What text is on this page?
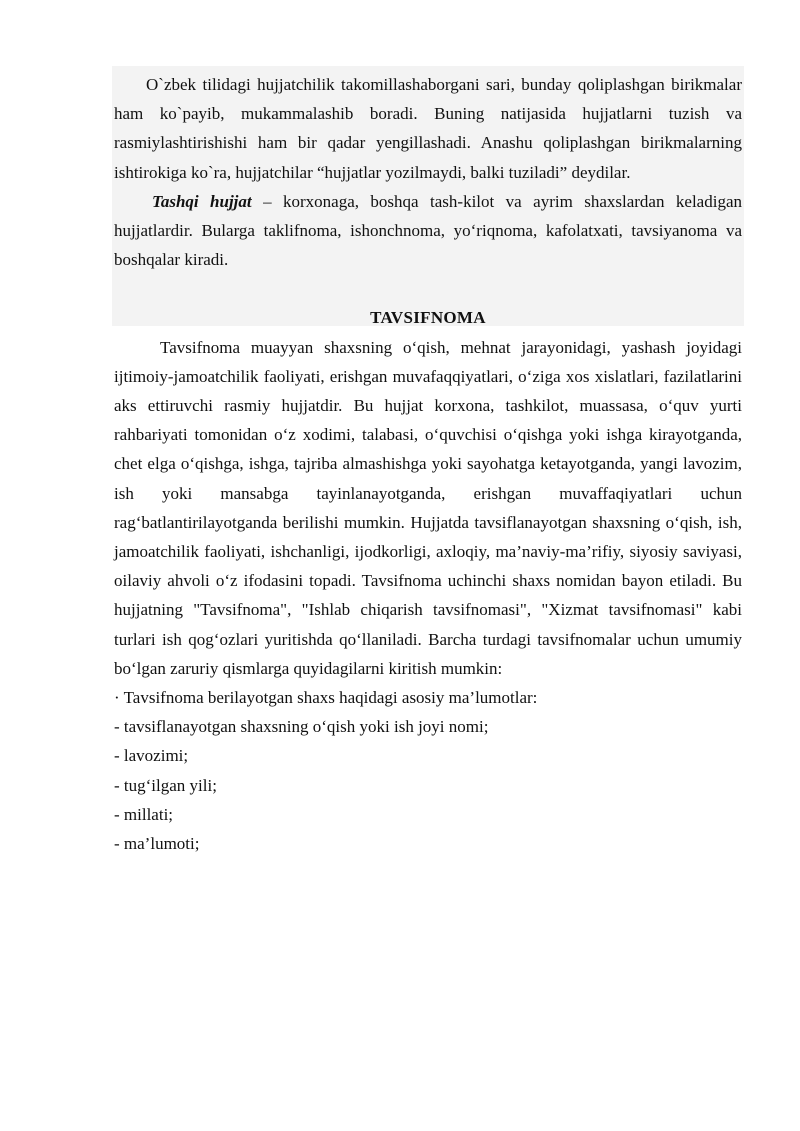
O`zbek tilidagi hujjatchilik takomillashaborgani sari, bunday qoliplashgan birikmalar ham ko`payib, mukammalashib boradi. Buning natijasida hujjatlarni tuzish va rasmiylashtirishishi ham bir qadar yengillashadi. Anashu qoliplashgan birikmalarning ishtirokiga ko`ra, hujjatchilar “hujjatlar yozilmaydi, balki tuziladi” deydilar.

Tashqi hujjat – korxonaga, boshqa tash-kilot va ayrim shaxslardan keladigan hujjatlardir. Bularga taklifnoma, ishonchnoma, yo‘riqnoma, kafolatxati, tavsiyanoma va boshqalar kiradi.

TAVSIFNOMA

Tavsifnoma muayyan shaxsning o‘qish, mehnat jarayonidagi, yashash joyidagi ijtimoiy-jamoatchilik faoliyati, erishgan muvafaqqiyatlari, o‘ziga xos xislatlari, fazilatlarini aks ettiruvchi rasmiy hujjatdir. Bu hujjat korxona, tashkilot, muassasa, o‘quv yurti rahbariyati tomonidan o‘z xodimi, talabasi, o‘quvchisi o‘qishga yoki ishga kirayotganda, chet elga o‘qishga, ishga, tajriba almashishga yoki sayohatga ketayotganda, yangi lavozim, ish yoki mansabga tayinlanayotganda, erishgan muvaffaqiyatlari uchun rag‘batlantirilayotganda berilishi mumkin. Hujjatda tavsiflanayotgan shaxsning o‘qish, ish, jamoatchilik faoliyati, ishchanligi, ijodkorligi, axloqiy, ma’naviy-ma’rifiy, siyosiy saviyasi, oilaviy ahvoli o‘z ifodasini topadi. Tavsifnoma uchinchi shaxs nomidan bayon etiladi. Bu hujjatning "Tavsifnoma", "Ishlab chiqarish tavsifnomasi", "Xizmat tavsifnomasi" kabi turlari ish qog‘ozlari yuritishda qo‘llaniladi. Barcha turdagi tavsifnomalar uchun umumiy bo‘lgan zaruriy qismlarga quyidagilarni kiritish mumkin:

· Tavsifnoma berilayotgan shaxs haqidagi asosiy ma’lumotlar:

- tavsiflanayotgan shaxsning o‘qish yoki ish joyi nomi;

- lavozimi;

- tug‘ilgan yili;

- millati;

- ma’lumoti;
